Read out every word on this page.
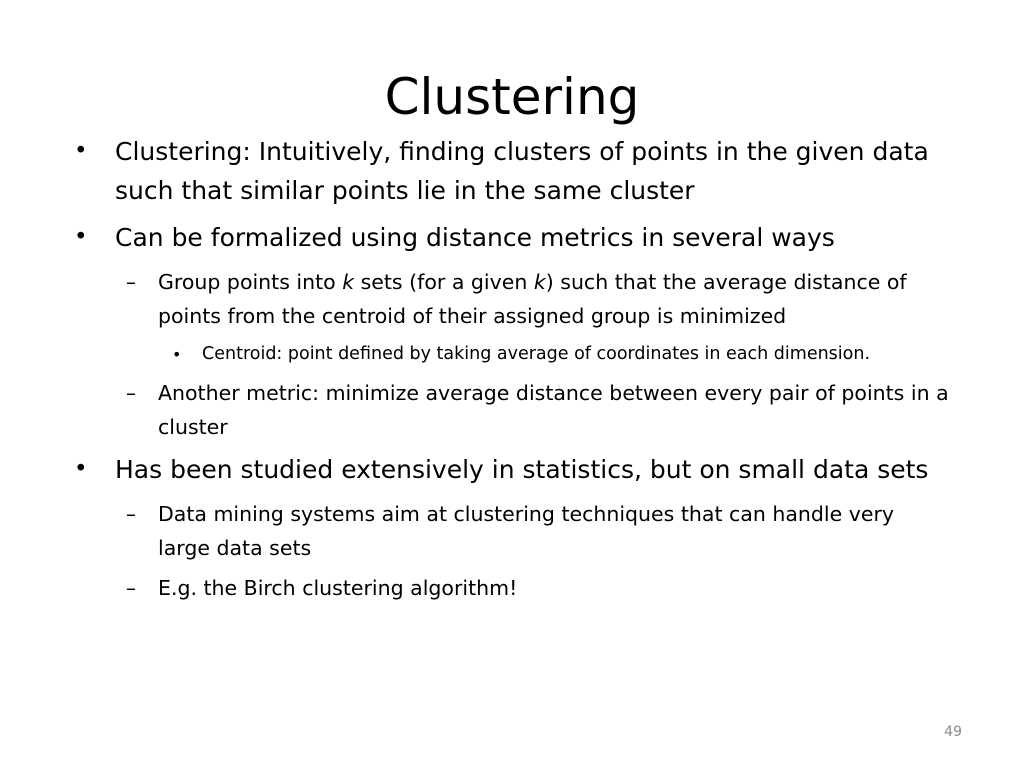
Clustering
•	Clustering: Intuitively, finding clusters of points in the given data such that similar points lie in the same cluster
•	Can be formalized using distance metrics in several ways
–	Group points into k sets (for a given k) such that the average distance of points from the centroid of their assigned group is minimized
•	Centroid: point defined by taking average of coordinates in each dimension.
–	Another metric: minimize average distance between every pair of points in a cluster
•	Has been studied extensively in statistics, but on small data sets
–	Data mining systems aim at clustering techniques that can handle very large data sets
–	E.g. the Birch clustering algorithm!
49
